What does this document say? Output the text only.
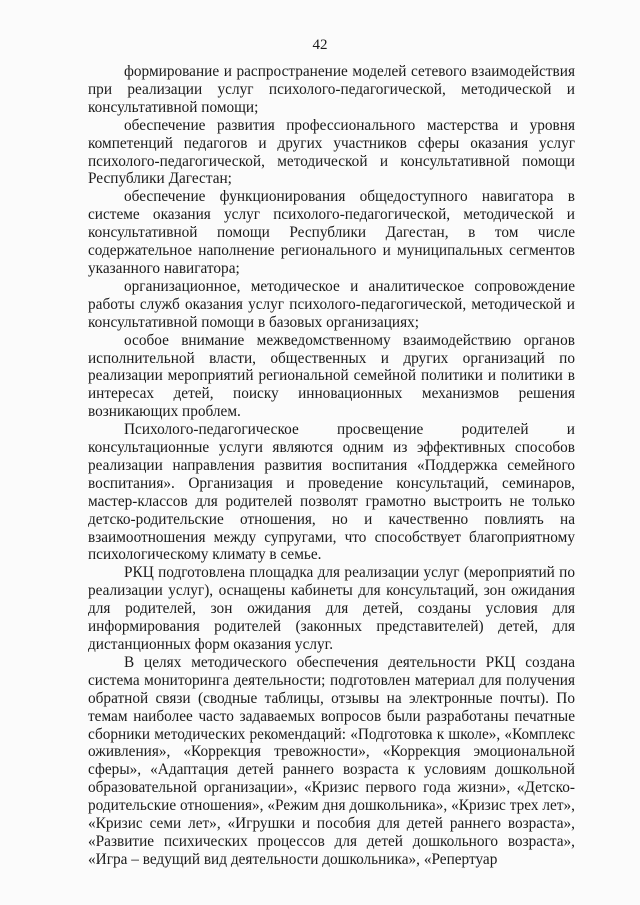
42

формирование и распространение моделей сетевого взаимодействия при реализации услуг психолого-педагогической, методической и консультативной помощи;

обеспечение развития профессионального мастерства и уровня компетенций педагогов и других участников сферы оказания услуг психолого-педагогической, методической и консультативной помощи Республики Дагестан;

обеспечение функционирования общедоступного навигатора в системе оказания услуг психолого-педагогической, методической и консультативной помощи Республики Дагестан, в том числе содержательное наполнение регионального и муниципальных сегментов указанного навигатора;

организационное, методическое и аналитическое сопровождение работы служб оказания услуг психолого-педагогической, методической и консультативной помощи в базовых организациях;

особое внимание межведомственному взаимодействию органов исполнительной власти, общественных и других организаций по реализации мероприятий региональной семейной политики и политики в интересах детей, поиску инновационных механизмов решения возникающих проблем.

Психолого-педагогическое просвещение родителей и консультационные услуги являются одним из эффективных способов реализации направления развития воспитания «Поддержка семейного воспитания». Организация и проведение консультаций, семинаров, мастер-классов для родителей позволят грамотно выстроить не только детско-родительские отношения, но и качественно повлиять на взаимоотношения между супругами, что способствует благоприятному психологическому климату в семье.

РКЦ подготовлена площадка для реализации услуг (мероприятий по реализации услуг), оснащены кабинеты для консультаций, зон ожидания для родителей, зон ожидания для детей, созданы условия для информирования родителей (законных представителей) детей, для дистанционных форм оказания услуг.

В целях методического обеспечения деятельности РКЦ создана система мониторинга деятельности; подготовлен материал для получения обратной связи (сводные таблицы, отзывы на электронные почты). По темам наиболее часто задаваемых вопросов были разработаны печатные сборники методических рекомендаций: «Подготовка к школе», «Комплекс оживления», «Коррекция тревожности», «Коррекция эмоциональной сферы», «Адаптация детей раннего возраста к условиям дошкольной образовательной организации», «Кризис первого года жизни», «Детско-родительские отношения», «Режим дня дошкольника», «Кризис трех лет», «Кризис семи лет», «Игрушки и пособия для детей раннего возраста», «Развитие психических процессов для детей дошкольного возраста», «Игра – ведущий вид деятельности дошкольника», «Репертуар
